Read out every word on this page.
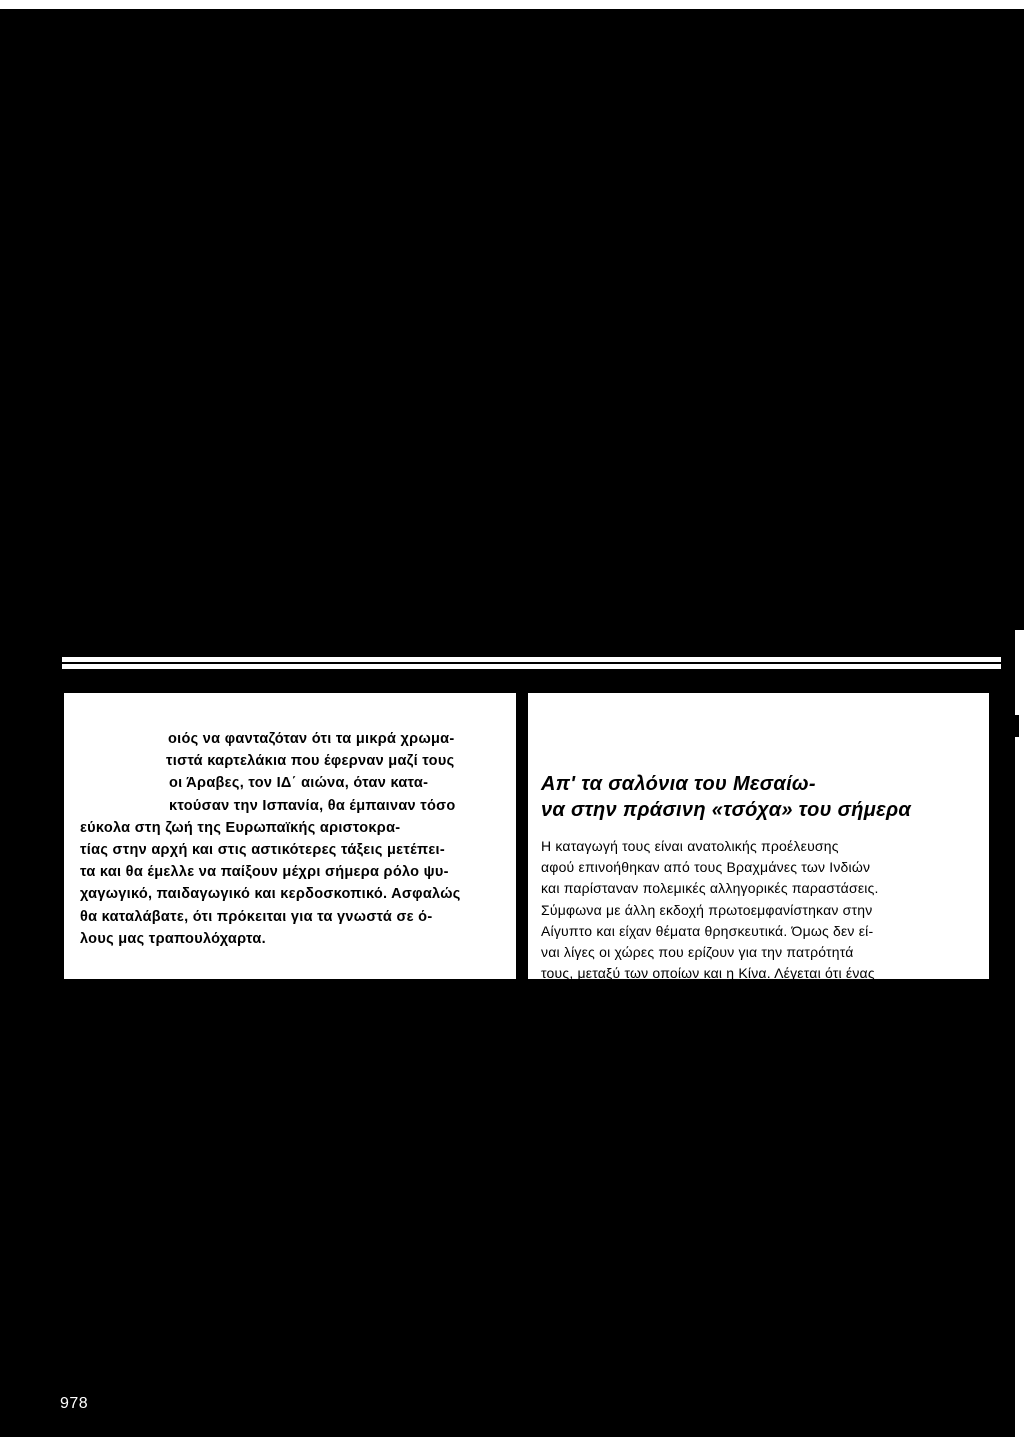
οιός να φανταζόταν ότι τα μικρά χρωμα-
τιστά καρτελάκια που έφερναν μαζί τους
οι Άραβες, τον ΙΔ΄ αιώνα, όταν κατα-
κτούσαν την Ισπανία, θα έμπαιναν τόσο
εύκολα στη ζωή της Ευρωπαϊκής αριστοκρα-
τίας στην αρχή και στις αστικότερες τάξεις μετέπει-
τα και θα έμελλε να παίξουν μέχρι σήμερα ρόλο ψυ-
χαγωγικό, παιδαγωγικό και κερδοσκοπικό. Ασφαλώς
θα καταλάβατε, ότι πρόκειται για τα γνωστά σε ό-
λους μας τραπουλόχαρτα.
Απ' τα σαλόνια του Μεσαίω-
να στην πράσινη «τσόχα» του σήμερα
Η καταγωγή τους είναι ανατολικής προέλευσης
αφού επινοήθηκαν από τους Βραχμάνες των Ινδιών
και παρίσταναν πολεμικές αλληγορικές παραστάσεις.
Σύμφωνα με άλλη εκδοχή πρωτοεμφανίστηκαν στην
Αίγυπτο και είχαν θέματα θρησκευτικά. Όμως δεν εί-
ναι λίγες οι χώρες που ερίζουν για την πατρότητά
τους, μεταξύ των οποίων και η Κίνα. Λέγεται ότι ένας
Κινέζος ηγεμόνας, γύρω στα 1100 είχε επινοήσει τα
978
